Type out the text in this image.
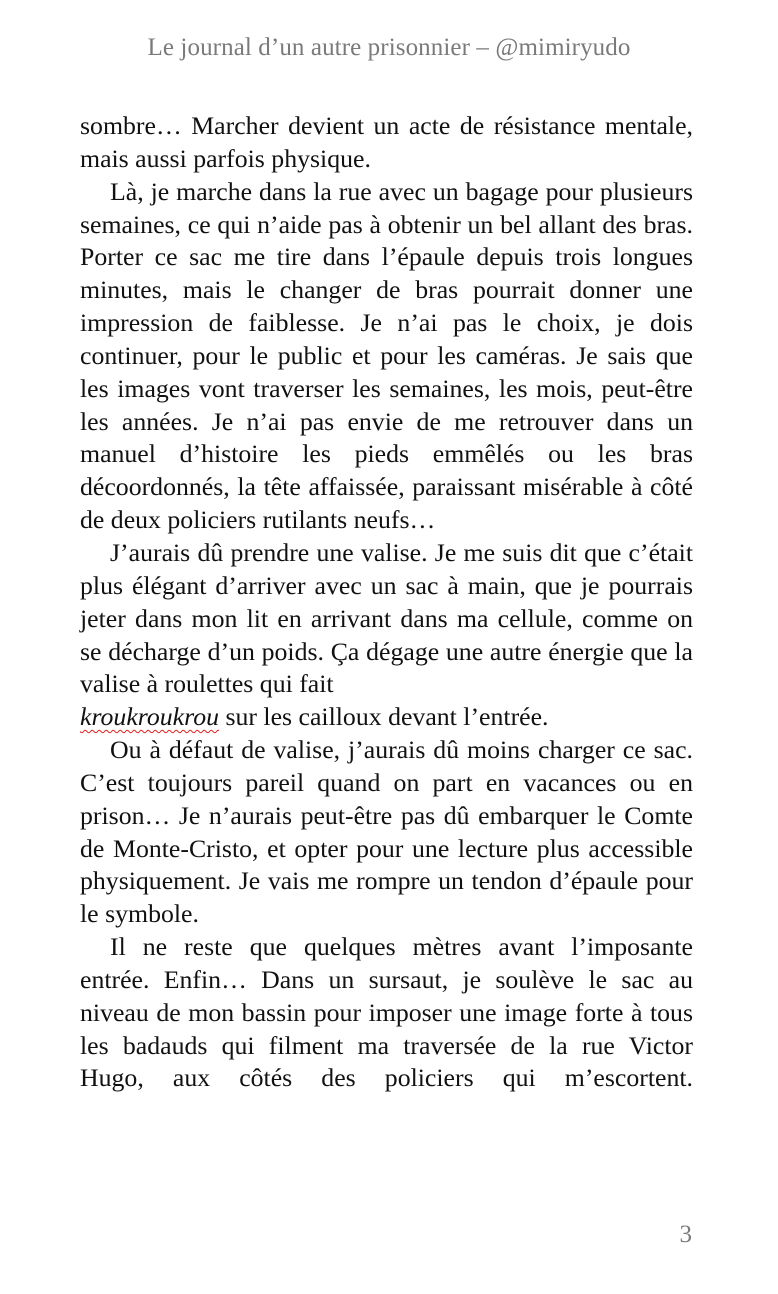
Le journal d’un autre prisonnier – @mimiryudo

sombre… Marcher devient un acte de résistance mentale, mais aussi parfois physique.

Là, je marche dans la rue avec un bagage pour plusieurs semaines, ce qui n’aide pas à obtenir un bel allant des bras. Porter ce sac me tire dans l’épaule depuis trois longues minutes, mais le changer de bras pourrait donner une impression de faiblesse. Je n’ai pas le choix, je dois continuer, pour le public et pour les caméras. Je sais que les images vont traverser les semaines, les mois, peut-être les années. Je n’ai pas envie de me retrouver dans un manuel d’histoire les pieds emmêlés ou les bras décoordonnés, la tête affaissée, paraissant misérable à côté de deux policiers rutilants neufs…

J’aurais dû prendre une valise. Je me suis dit que c’était plus élégant d’arriver avec un sac à main, que je pourrais jeter dans mon lit en arrivant dans ma cellule, comme on se décharge d’un poids. Ça dégage une autre énergie que la valise à roulettes qui fait
kroukroukrou sur les cailloux devant l’entrée.

Ou à défaut de valise, j’aurais dû moins charger ce sac. C’est toujours pareil quand on part en vacances ou en prison… Je n’aurais peut-être pas dû embarquer le Comte de Monte-Cristo, et opter pour une lecture plus accessible physiquement. Je vais me rompre un tendon d’épaule pour le symbole.

Il ne reste que quelques mètres avant l’imposante entrée. Enfin… Dans un sursaut, je soulève le sac au niveau de mon bassin pour imposer une image forte à tous les badauds qui filment ma traversée de la rue Victor Hugo, aux côtés des policiers qui m’escortent.

3
